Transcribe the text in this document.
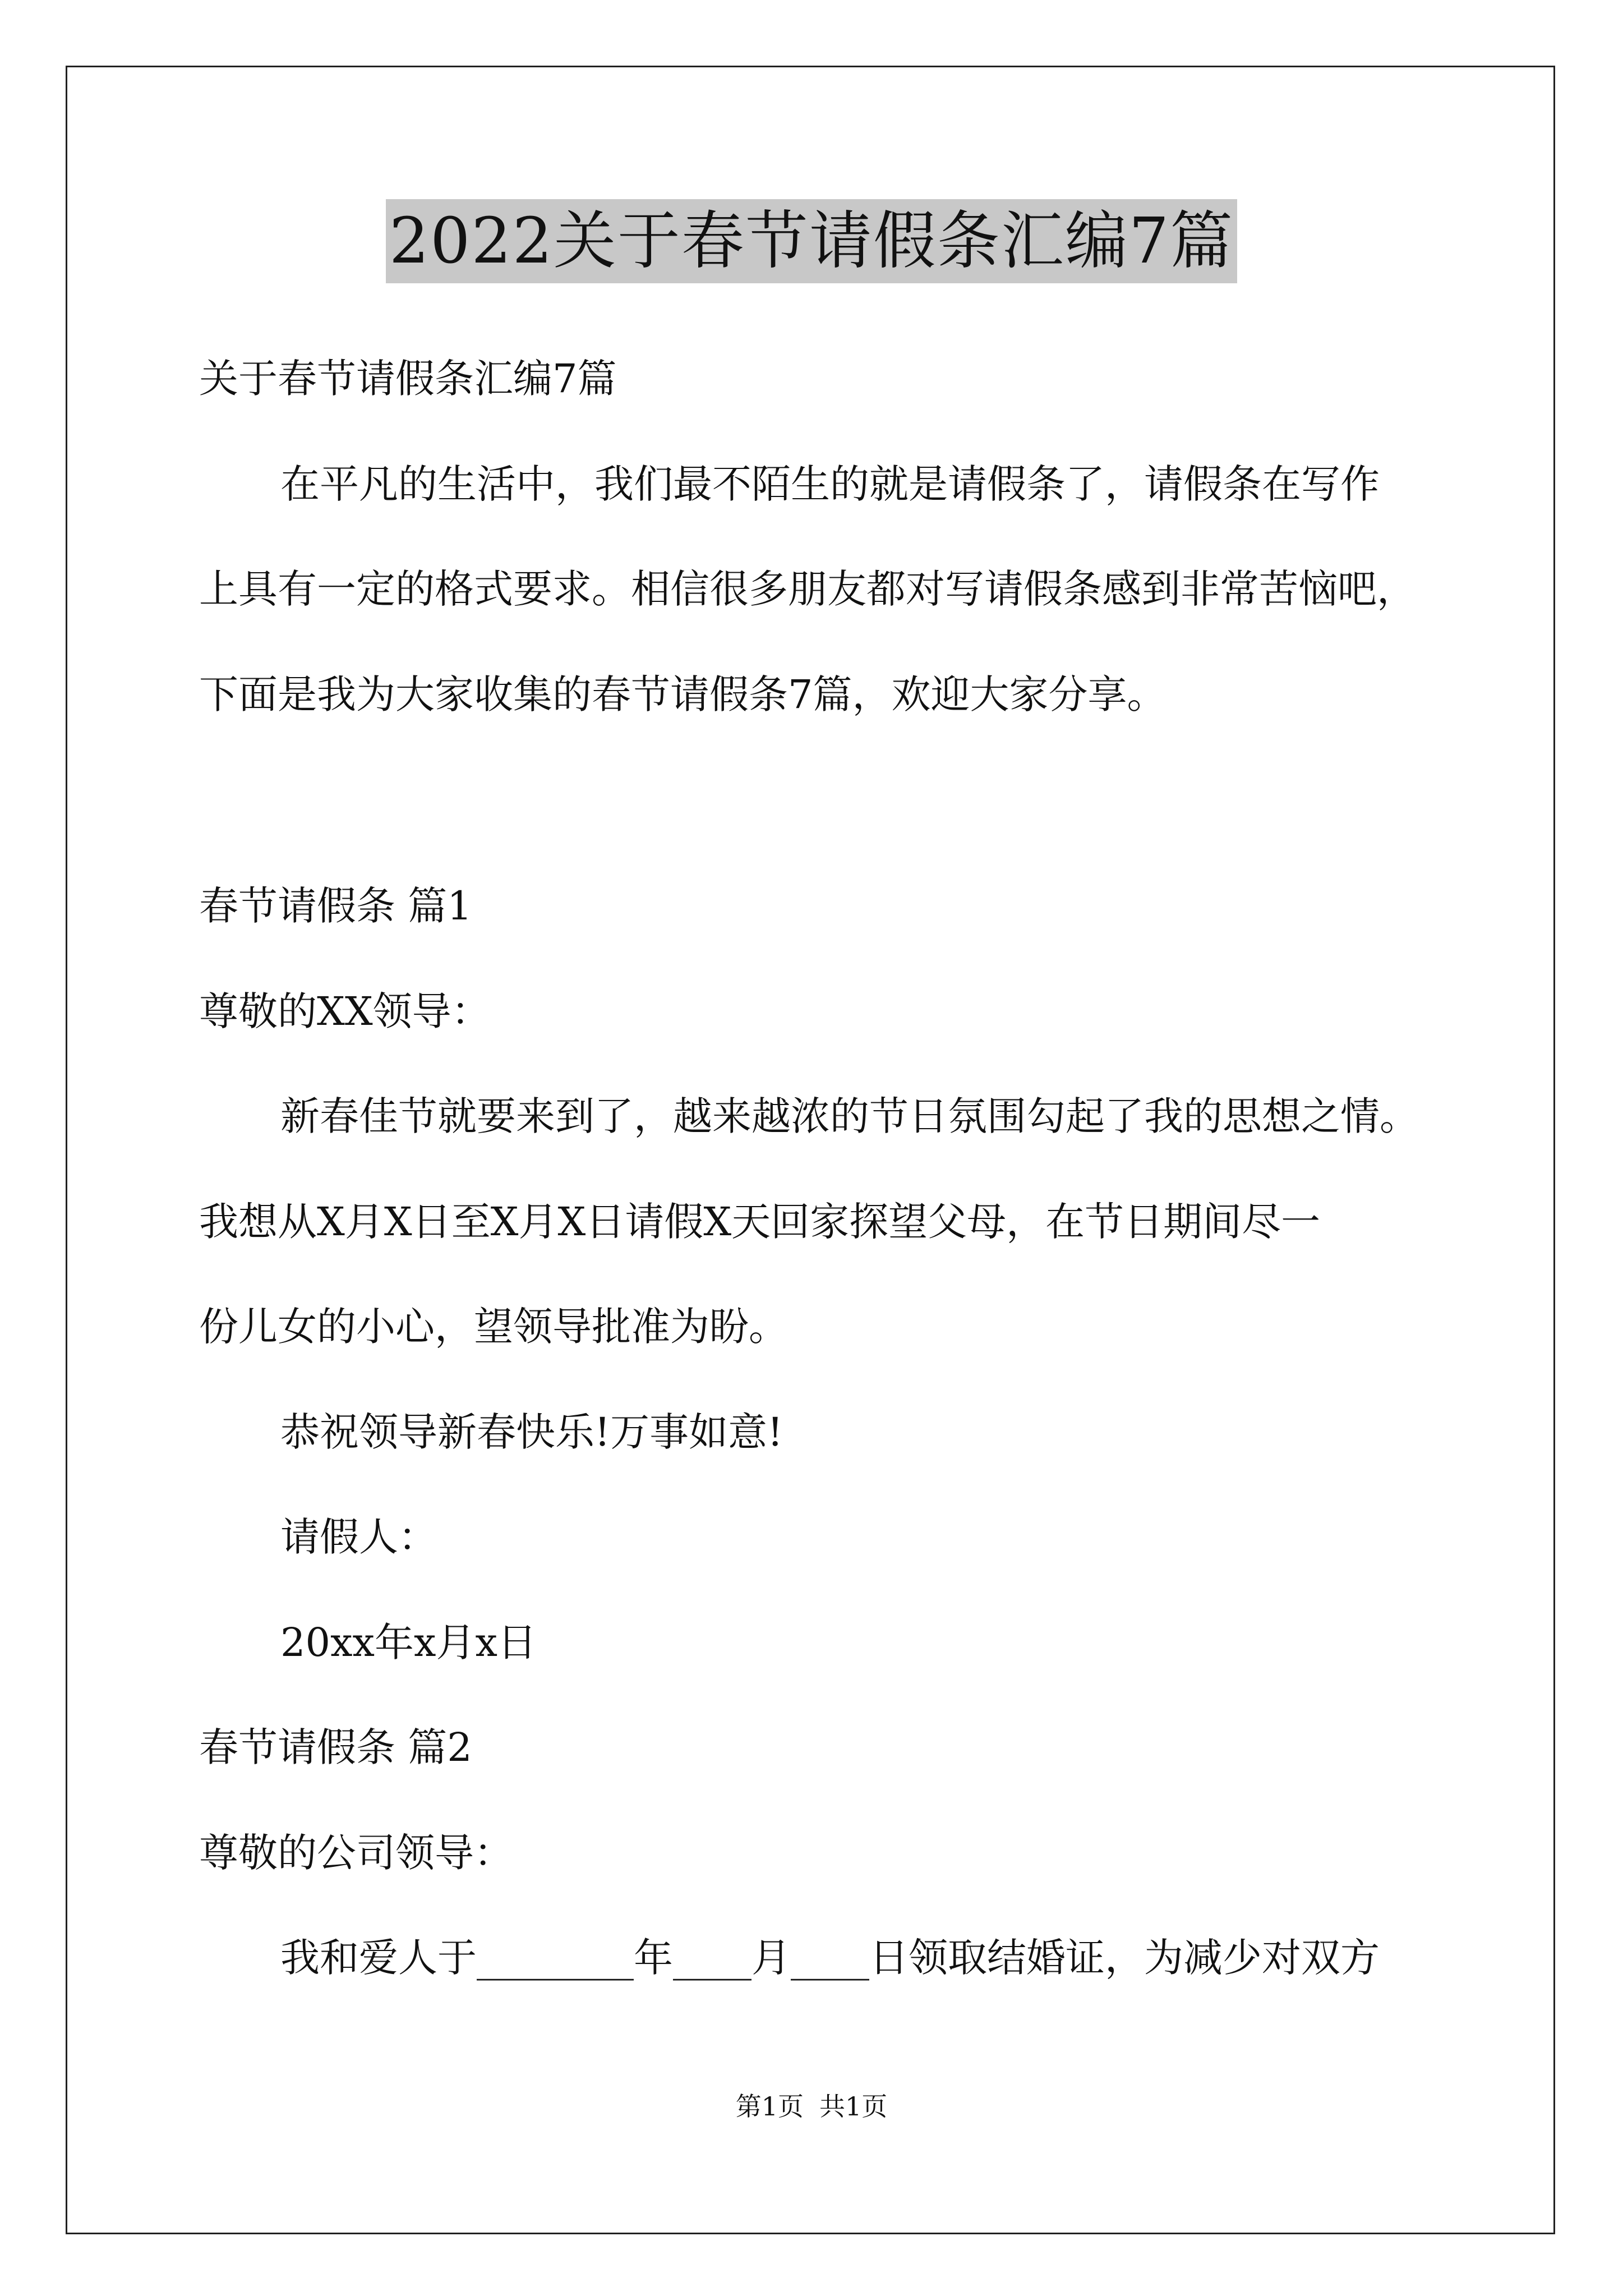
2022关于春节请假条汇编7篇
关于春节请假条汇编7篇
在平凡的生活中，我们最不陌生的就是请假条了，请假条在写作
上具有一定的格式要求。相信很多朋友都对写请假条感到非常苦恼吧，
下面是我为大家收集的春节请假条7篇，欢迎大家分享。
春节请假条 篇1
尊敬的XX领导：
新春佳节就要来到了，越来越浓的节日氛围勾起了我的思想之情。
我想从X月X日至X月X日请假X天回家探望父母，在节日期间尽一
份儿女的小心，望领导批准为盼。
恭祝领导新春快乐!万事如意!
请假人：
20xx年x月x日
春节请假条 篇2
尊敬的公司领导：
我和爱人于________年____月____日领取结婚证，为减少对双方
第1页 共1页
